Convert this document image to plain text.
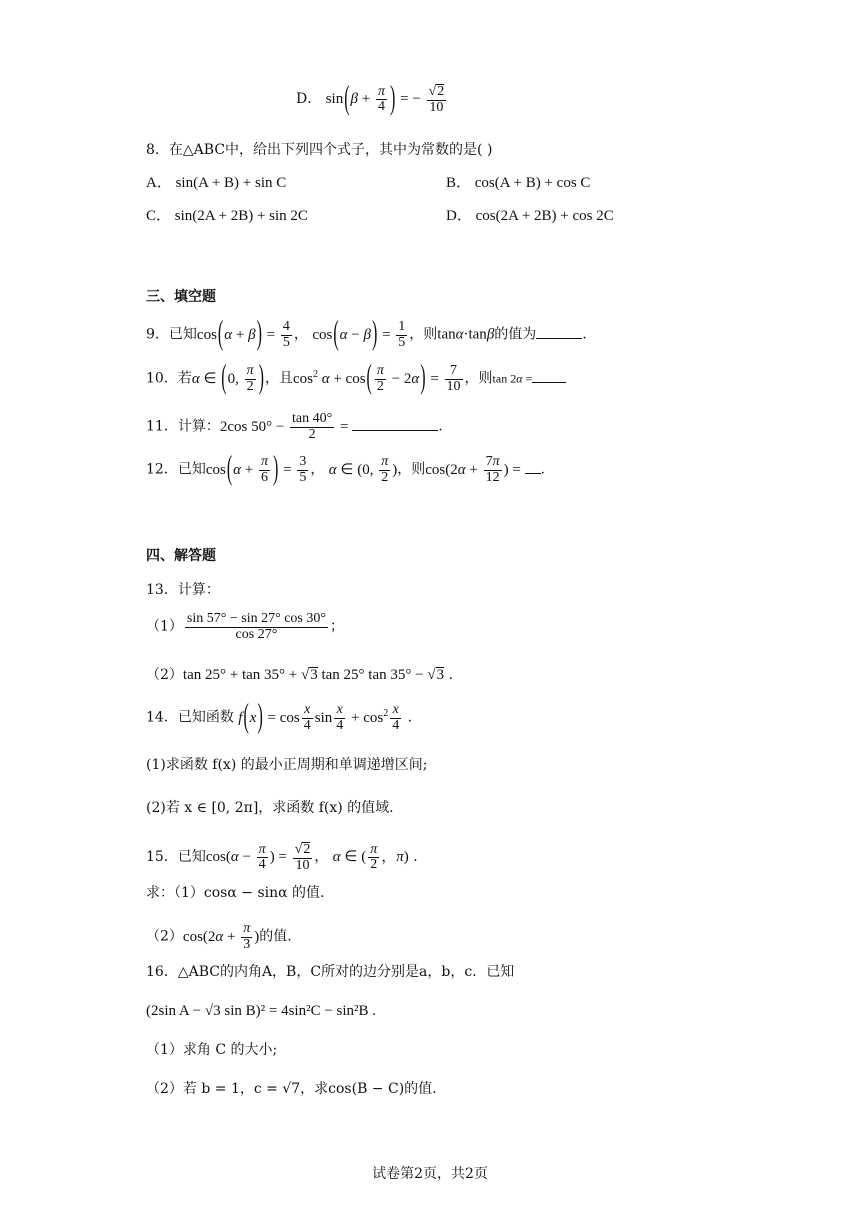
D． $\sin(\beta + \frac{\pi}{4}$ ) = − $\frac{√2}{10}$
8．在△ABC中，给出下列四个式子，其中为常数的是( )
A． sin(A + B) + sin C	B． cos(A + B) + cos C
C． sin(2A + 2B) + sin 2C	D． cos(2A + 2B) + cos 2C
三、填空题
9．已知$\cos(\alpha + \beta) = \frac{4}{5}$ ， $\cos(\alpha - \beta) = \frac{1}{5}$ ，则tanα·tanβ的值为	.
10．若α ∈ (0, $\frac{\pi}{2}$ )，且$\cos^2 \alpha + \cos( \frac{\pi}{2} - 2\alpha) = \frac{7}{10}$ ，则tan 2α =
11．计算：2cos $50^\circ - \frac{\tan 40^\circ}{2}$ =	.
12．已知$\cos(\alpha + \frac{\pi}{6}$ ) = $\frac{3}{5}$ ， α ∈ (0, $\frac{\pi}{2}$ )，则$\cos(2\alpha + \frac{7\pi}{12}$ ) = .
四、解答题
13．计算：
$(1) \frac{\sin 57^\circ - \sin 27^\circ \cos 30^\circ}{\cos 27^\circ}$ ；
（2）tan 25° + tan 35° + √3 tan 25° tan 35° − √3 .
14．已知函数 $f(x) = \cos \frac{x}{4}$ $\sin \frac{x}{4} + \cos^2 \frac{x}{4}$ .
(1)求函数 f(x) 的最小正周期和单调递增区间;
(2)若 x ∈ [0, 2π]，求函数 f(x) 的值域.
15．已知$\cos(\alpha - \frac{\pi}{4}$ ) = $\frac{√2}{10}$ ， α ∈ ( $\frac{\pi}{2}$ ，π) .
求：（1）cosα − sinα 的值.
$(2)\cos(2\alpha + \frac{\pi}{3}$ )的值.
16．△ABC的内角A，B，C所对的边分别是a，b，c．已知
(2sin A − √3 sin B)² = 4sin²C − sin²B .
（1）求角 C 的大小;
（2）若 b = 1，c = √7，求cos(B − C)的值.
试卷第2页，共2页
